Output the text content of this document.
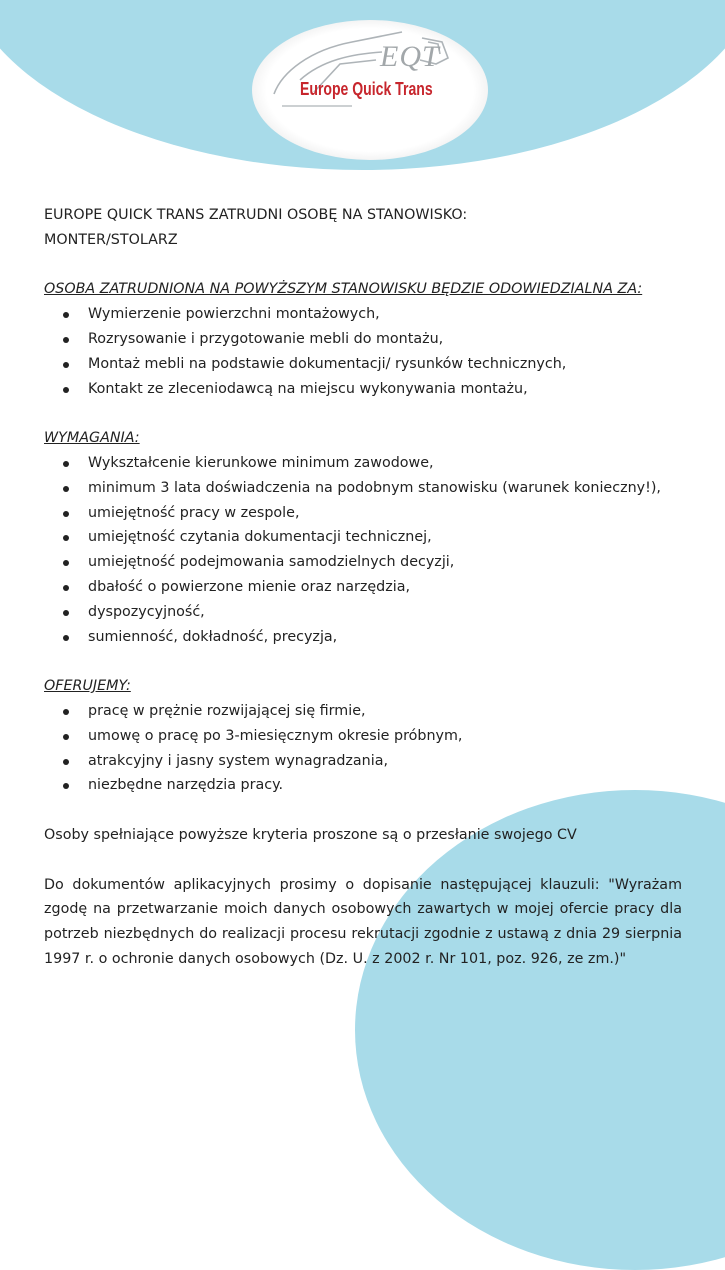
EQT
Europe Quick Trans

EUROPE QUICK TRANS ZATRUDNI OSOBĘ NA STANOWISKO:

MONTER/STOLARZ

OSOBA ZATRUDNIONA NA POWYŻSZYM STANOWISKU BĘDZIE ODOWIEDZIALNA ZA:

Wymierzenie powierzchni montażowych,
Rozrysowanie i przygotowanie mebli do montażu,
Montaż mebli na podstawie dokumentacji/ rysunków technicznych,
Kontakt ze zleceniodawcą na miejscu wykonywania montażu,

WYMAGANIA:

Wykształcenie kierunkowe minimum zawodowe,
minimum 3 lata doświadczenia na podobnym stanowisku (warunek konieczny!),
umiejętność pracy w zespole,
umiejętność czytania dokumentacji technicznej,
umiejętność podejmowania samodzielnych decyzji,
dbałość o powierzone mienie oraz narzędzia,
dyspozycyjność,
sumienność, dokładność, precyzja,

OFERUJEMY:

pracę w prężnie rozwijającej się firmie,
umowę o pracę po 3-miesięcznym okresie próbnym,
atrakcyjny i jasny system wynagradzania,
niezbędne narzędzia pracy.

Osoby spełniające powyższe kryteria proszone są o przesłanie swojego CV

Do dokumentów aplikacyjnych prosimy o dopisanie następującej klauzuli: "Wyrażam zgodę na przetwarzanie moich danych osobowych zawartych w mojej ofercie pracy dla potrzeb niezbędnych do realizacji procesu rekrutacji zgodnie z ustawą z dnia 29 sierpnia 1997 r. o ochronie danych osobowych (Dz. U. z 2002 r. Nr 101, poz. 926, ze zm.)"
